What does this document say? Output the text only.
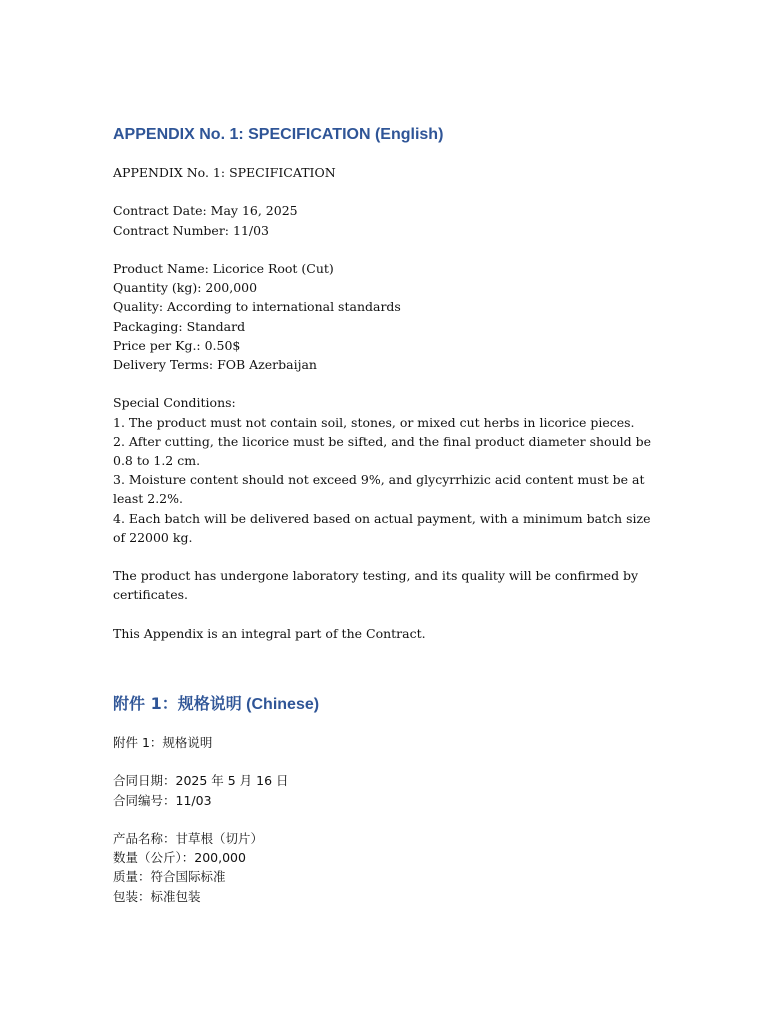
APPENDIX No. 1: SPECIFICATION (English)

APPENDIX No. 1: SPECIFICATION

Contract Date: May 16, 2025

Contract Number: 11/03

Product Name: Licorice Root (Cut)

Quantity (kg): 200,000

Quality: According to international standards

Packaging: Standard

Price per Kg.: 0.50$

Delivery Terms: FOB Azerbaijan

Special Conditions:

1. The product must not contain soil, stones, or mixed cut herbs in licorice pieces.

2. After cutting, the licorice must be sifted, and the final product diameter should be 0.8 to 1.2 cm.

3. Moisture content should not exceed 9%, and glycyrrhizic acid content must be at least 2.2%.

4. Each batch will be delivered based on actual payment, with a minimum batch size of 22000 kg.

The product has undergone laboratory testing, and its quality will be confirmed by certificates.

This Appendix is an integral part of the Contract.

附件 1：规格说明 (Chinese)

附件 1：规格说明

合同日期：2025 年 5 月 16 日

合同编号：11/03

产品名称：甘草根（切片）

数量（公斤）：200,000

质量：符合国际标准

包装：标准包装
